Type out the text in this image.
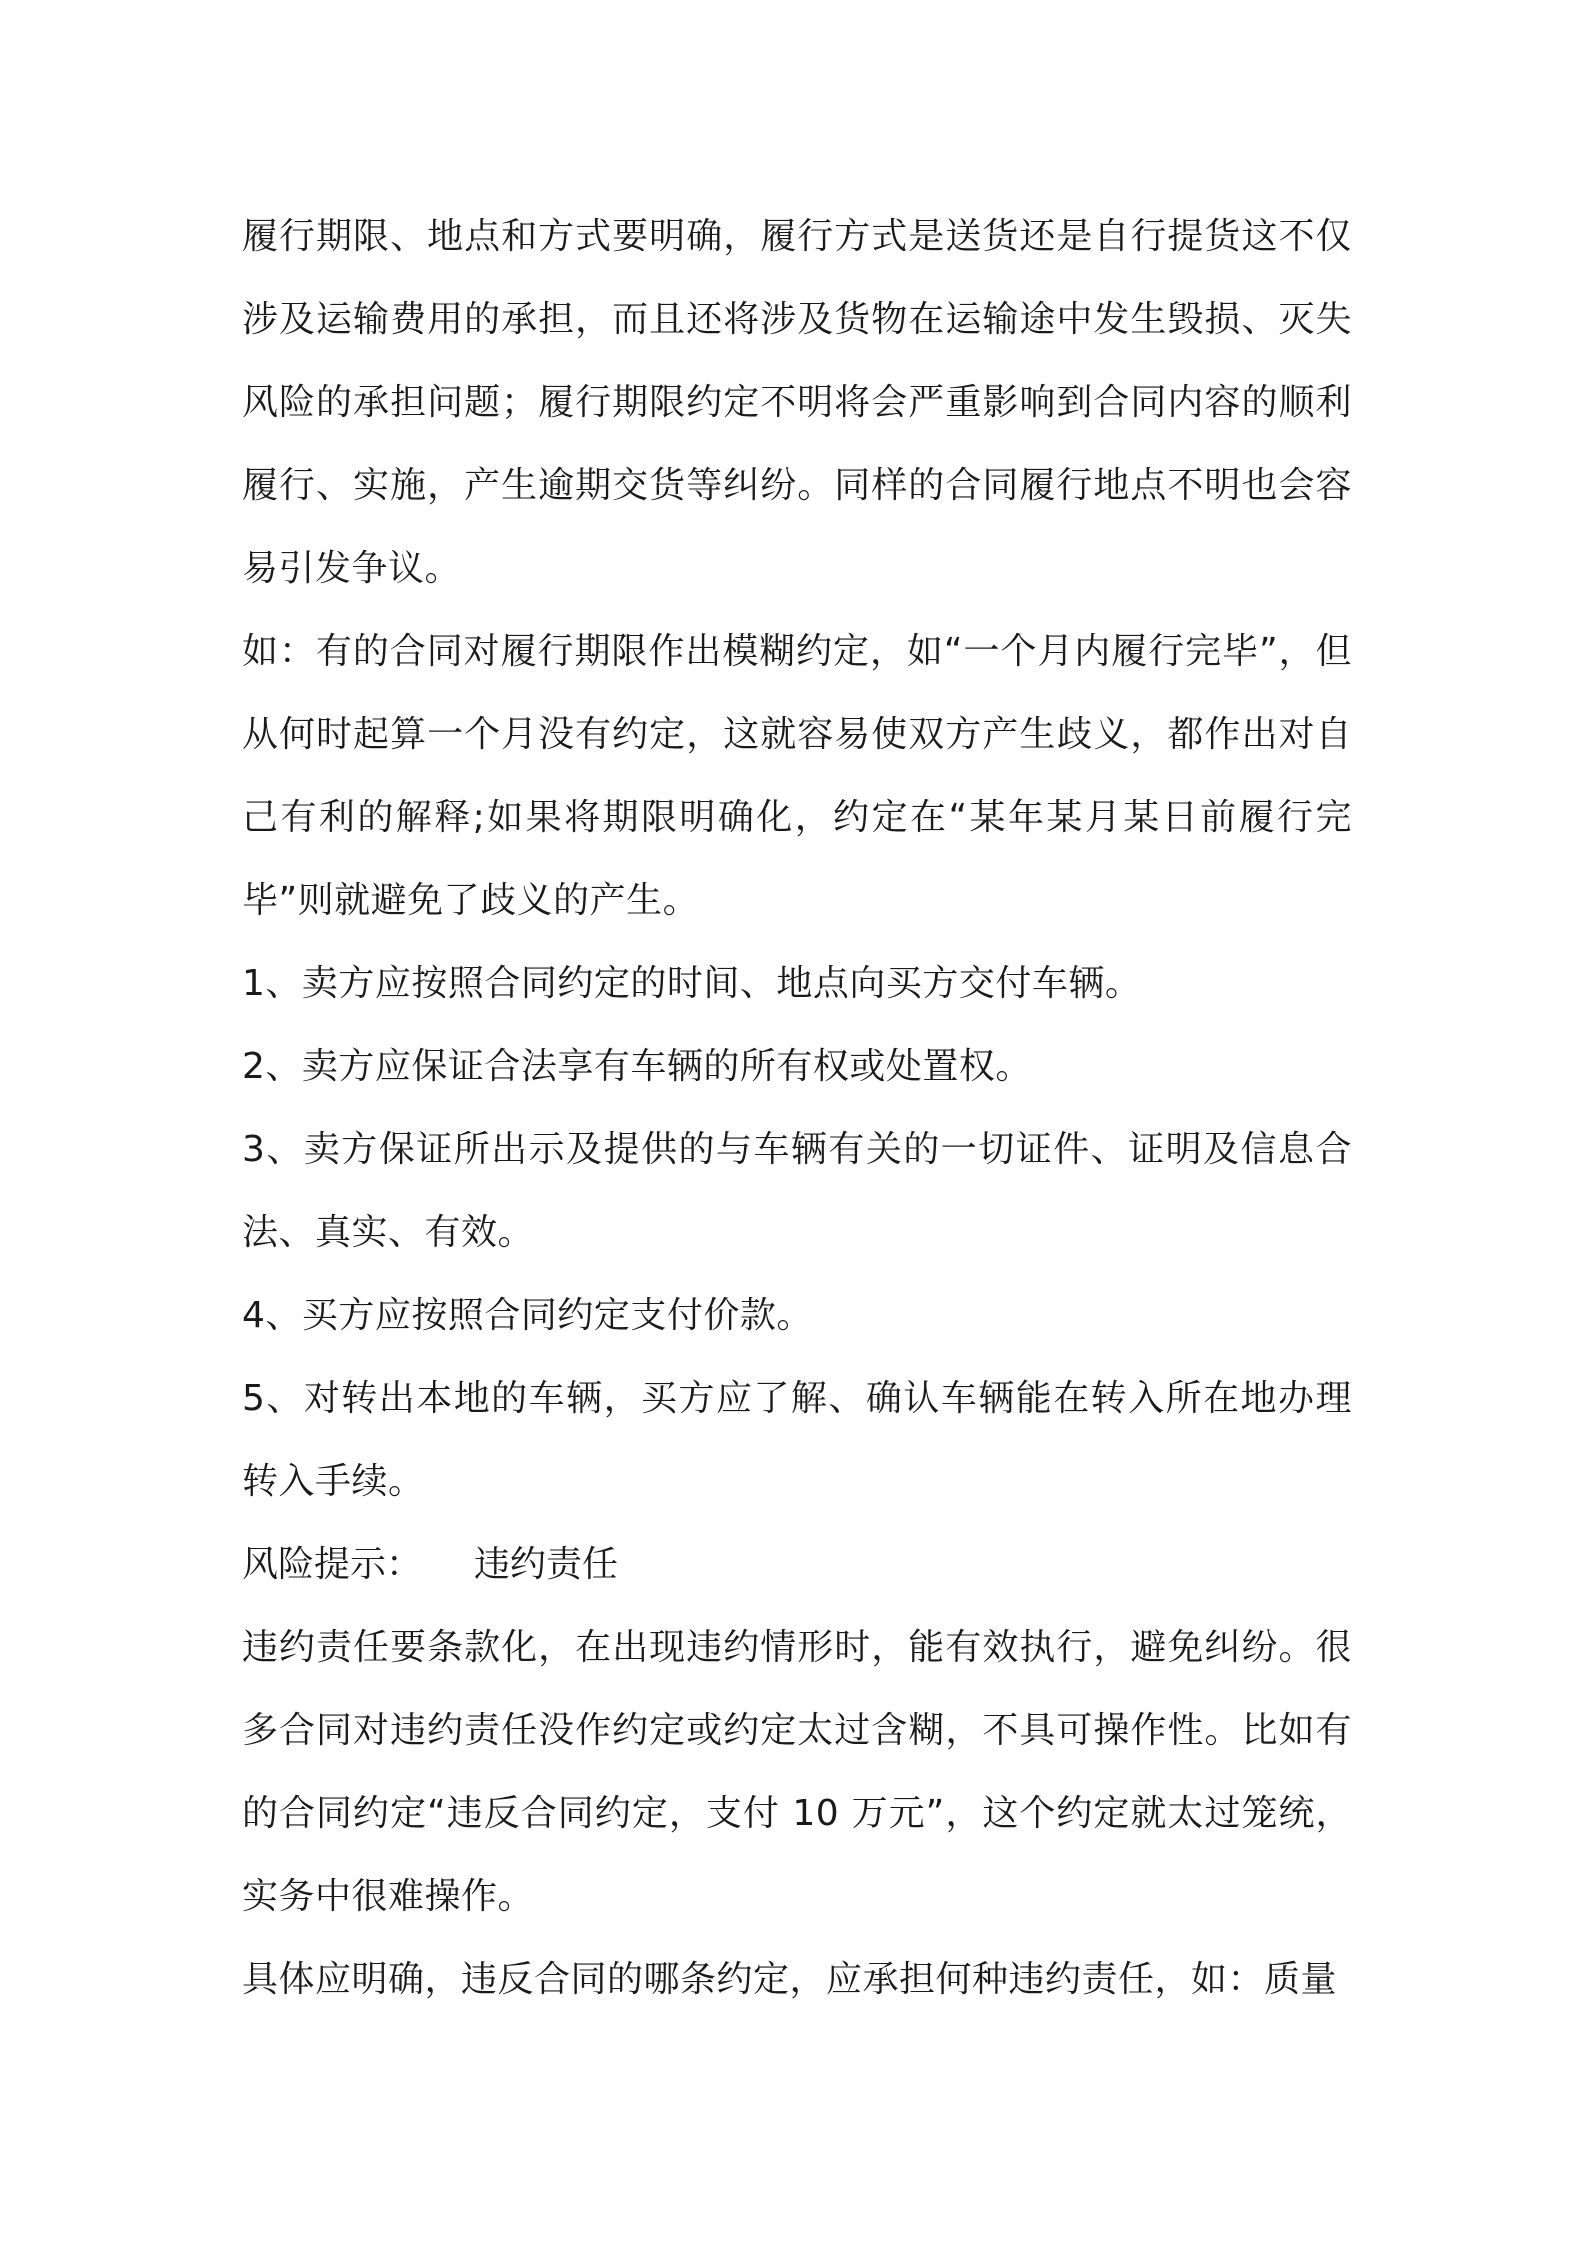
履行期限、地点和方式要明确，履行方式是送货还是自行提货这不仅涉及运输费用的承担，而且还将涉及货物在运输途中发生毁损、灭失风险的承担问题；履行期限约定不明将会严重影响到合同内容的顺利履行、实施，产生逾期交货等纠纷。同样的合同履行地点不明也会容易引发争议。

如：有的合同对履行期限作出模糊约定，如“一个月内履行完毕”，但从何时起算一个月没有约定，这就容易使双方产生歧义，都作出对自己有利的解释;如果将期限明确化，约定在“某年某月某日前履行完毕”则就避免了歧义的产生。

1、卖方应按照合同约定的时间、地点向买方交付车辆。

2、卖方应保证合法享有车辆的所有权或处置权。

3、卖方保证所出示及提供的与车辆有关的一切证件、证明及信息合法、真实、有效。

4、买方应按照合同约定支付价款。

5、对转出本地的车辆，买方应了解、确认车辆能在转入所在地办理转入手续。

风险提示： 违约责任

违约责任要条款化，在出现违约情形时，能有效执行，避免纠纷。很多合同对违约责任没作约定或约定太过含糊，不具可操作性。比如有的合同约定“违反合同约定，支付 10 万元”，这个约定就太过笼统，实务中很难操作。

具体应明确，违反合同的哪条约定，应承担何种违约责任，如：质量
